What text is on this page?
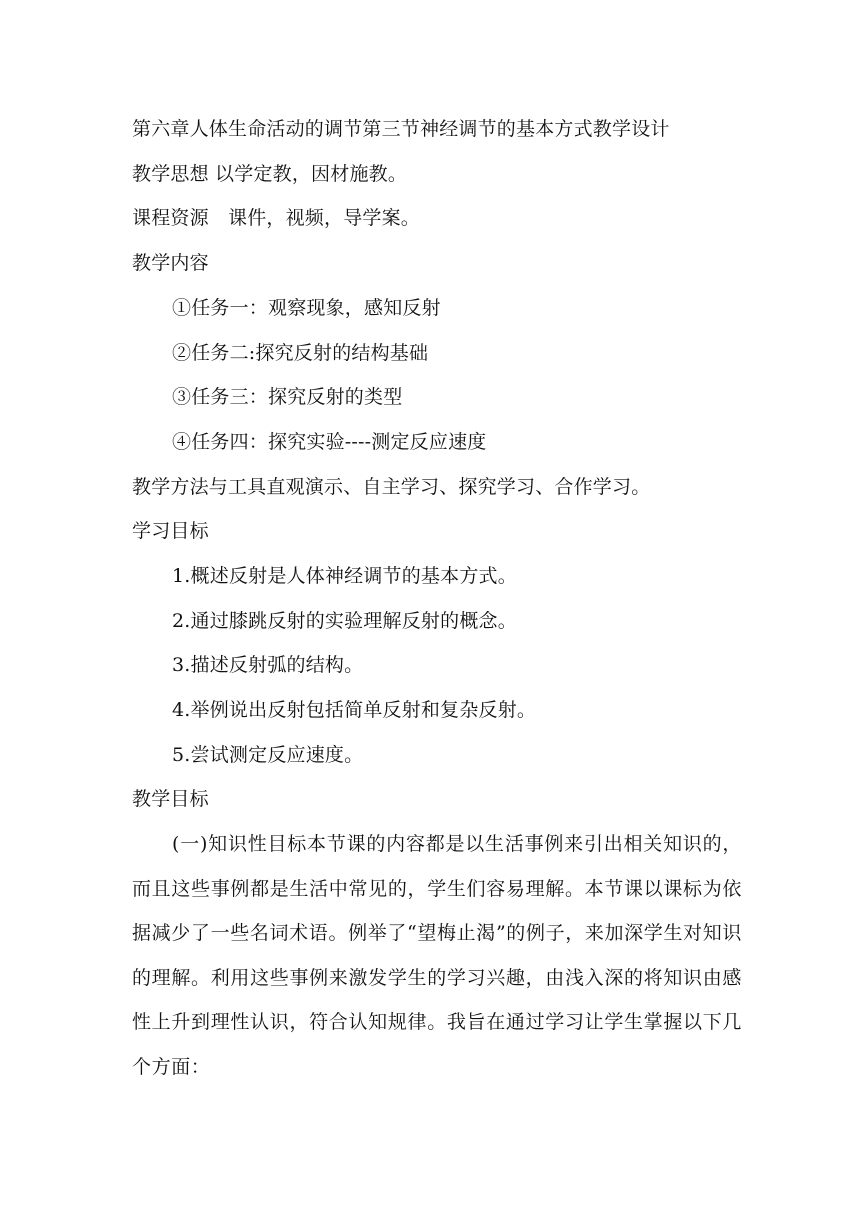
第六章人体生命活动的调节第三节神经调节的基本方式教学设计
教学思想 以学定教，因材施教。
课程资源　课件，视频，导学案。
教学内容
①任务一：观察现象，感知反射
②任务二:探究反射的结构基础
③任务三：探究反射的类型
④任务四：探究实验----测定反应速度
教学方法与工具直观演示、自主学习、探究学习、合作学习。
学习目标
1.概述反射是人体神经调节的基本方式。
2.通过膝跳反射的实验理解反射的概念。
3.描述反射弧的结构。
4.举例说出反射包括简单反射和复杂反射。
5.尝试测定反应速度。
教学目标
(一)知识性目标本节课的内容都是以生活事例来引出相关知识的，而且这些事例都是生活中常见的，学生们容易理解。本节课以课标为依据减少了一些名词术语。例举了“望梅止渴”的例子，来加深学生对知识的理解。利用这些事例来激发学生的学习兴趣，由浅入深的将知识由感性上升到理性认识，符合认知规律。我旨在通过学习让学生掌握以下几个方面：
